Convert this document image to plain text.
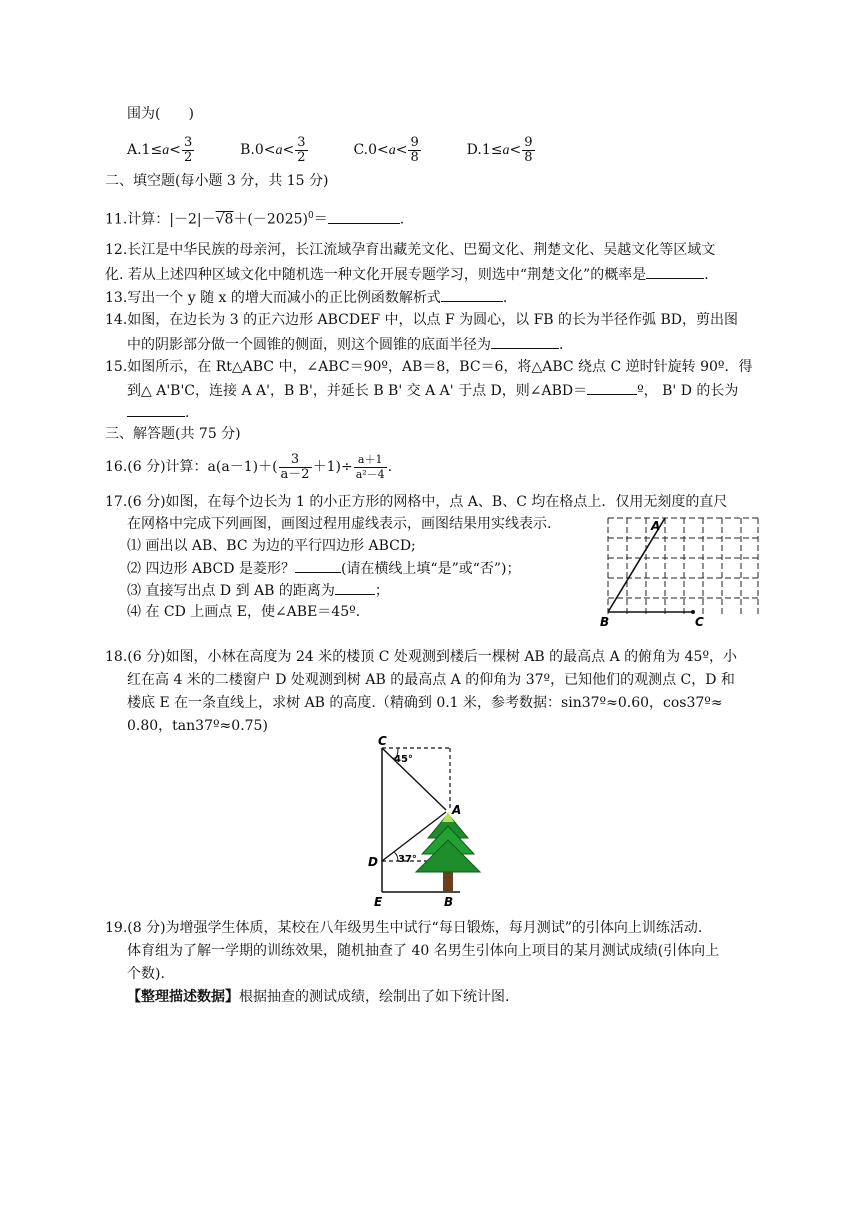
围为(　　)
$A.1\le a< \frac{3}{2}$	$B.0<a< \frac{3}{2}$	$C.0<a< \frac{9}{8}$	$D.1\le a< \frac{9}{8}$
二、填空题(每小题 3 分，共 15 分)
11.计算：$|-2|-√8+(-2025)^0=$	.
12.长江是中华民族的母亲河，长江流域孕育出藏羌文化、巴蜀文化、荆楚文化、吴越文化等区域文
化. 若从上述四种区域文化中随机选一种文化开展专题学习，则选中“荆楚文化”的概率是	.
13.写出一个 y 随 x 的增大而减小的正比例函数解析式	.
14.如图，在边长为 3 的正六边形 ABCDEF 中，以点 F 为圆心，以 FB 的长为半径作弧 BD，剪出图
中的阴影部分做一个圆锥的侧面，则这个圆锥的底面半径为	.
15.如图所示，在 Rt△ABC 中，∠ABC＝90º，AB＝8，BC＝6，将△ABC 绕点 C 逆时针旋转 90º．得
到△ A'B'C，连接 A A'，B B'，并延长 B B' 交 A A' 于点 D，则∠ABD＝	º， B' D 的长为
.
三、解答题(共 75 分)
16.(6 分)计算：$a(a-1)+( \frac{3}{a-2} +1)\div \frac{a+1}{\text{a²－4}}$ .
17.(6 分)如图，在每个边长为 1 的小正方形的网格中，点 A、B、C 均在格点上．仅用无刻度的直尺
在网格中完成下列画图，画图过程用虚线表示，画图结果用实线表示.
⑴ 画出以 AB、BC 为边的平行四边形 ABCD;
⑵ 四边形 ABCD 是菱形？	(请在横线上填“是”或“否”)；
⑶ 直接写出点 D 到 AB 的距离为	；
⑷ 在 CD 上画点 E，使∠ABE＝45º.
A
B	C
18.(6 分)如图，小林在高度为 24 米的楼顶 C 处观测到楼后一棵树 AB 的最高点 A 的俯角为 45º，小
红在高 4 米的二楼窗户 D 处观测到树 AB 的最高点 A 的仰角为 37º，已知他们的观测点 C，D 和
楼底 E 在一条直线上，求树 AB 的高度.（精确到 0.1 米，参考数据：sin37º≈0.60，cos37º≈
0.80，tan37º≈0.75)
C
45°
A
D 37°
E	B
19.(8 分)为增强学生体质，某校在八年级男生中试行“每日锻炼，每月测试”的引体向上训练活动.
体育组为了解一学期的训练效果，随机抽查了 40 名男生引体向上项目的某月测试成绩(引体向上
个数).
【整理描述数据】根据抽查的测试成绩，绘制出了如下统计图.
